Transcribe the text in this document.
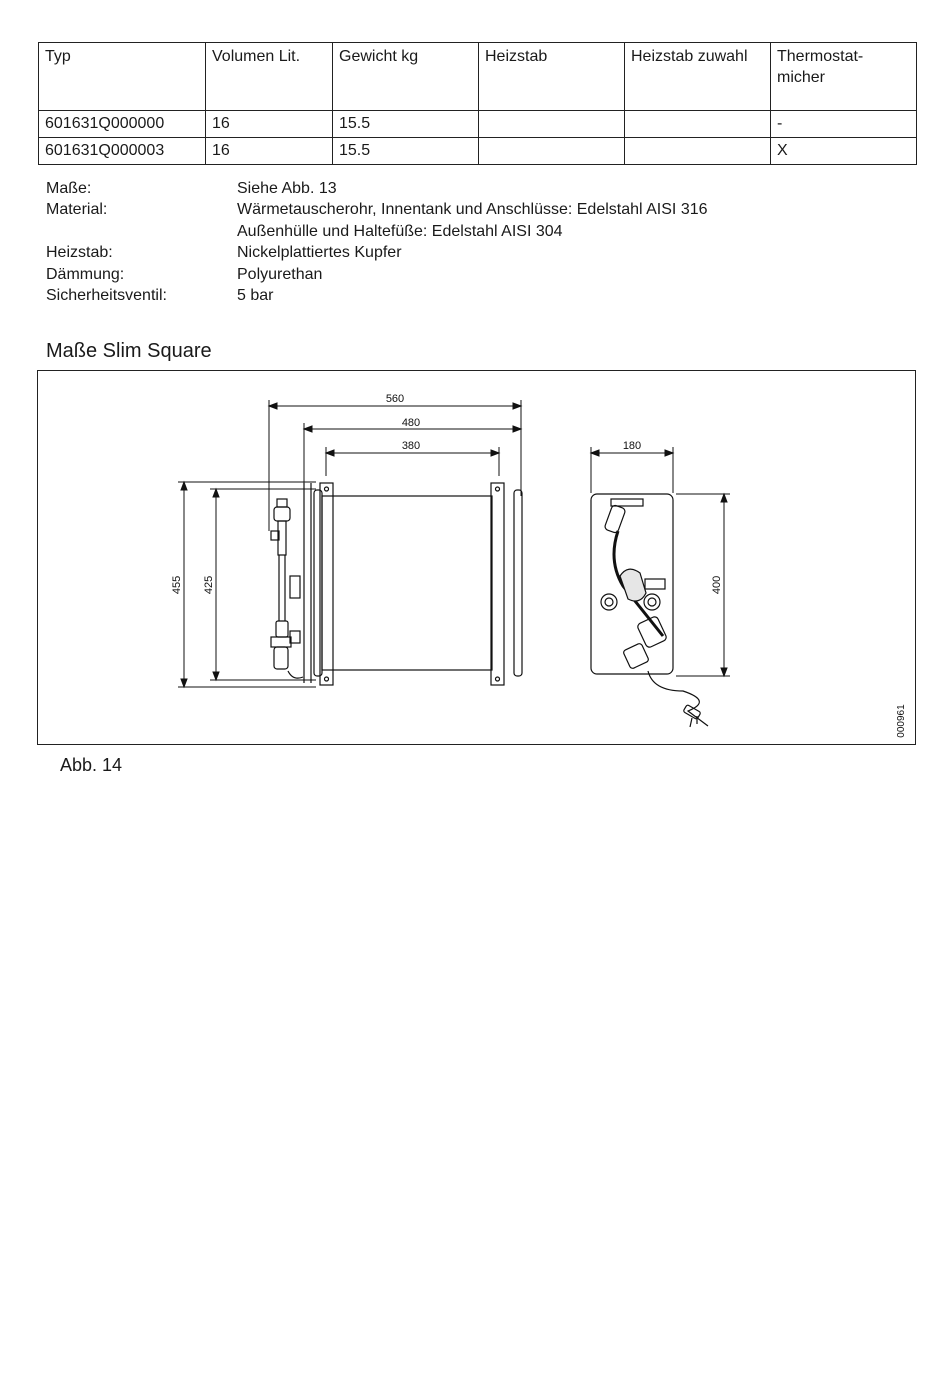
Typ	Volumen Lit.	Gewicht kg	Heizstab	Heizstab zuwahl	Thermostat-
micher
601631Q000000	16	15.5			-
601631Q000003	16	15.5			X
Maße:	Siehe Abb. 13
Material:	Wärmetauscherohr, Innentank und Anschlüsse: Edelstahl AISI 316
Außenhülle und Haltefüße: Edelstahl AISI 304
Heizstab:	Nickelplattiertes Kupfer
Dämmung:	Polyurethan
Sicherheitsventil:	5 bar
Maße Slim Square
560
480
380	180
455 425	400
000961
Abb. 14
